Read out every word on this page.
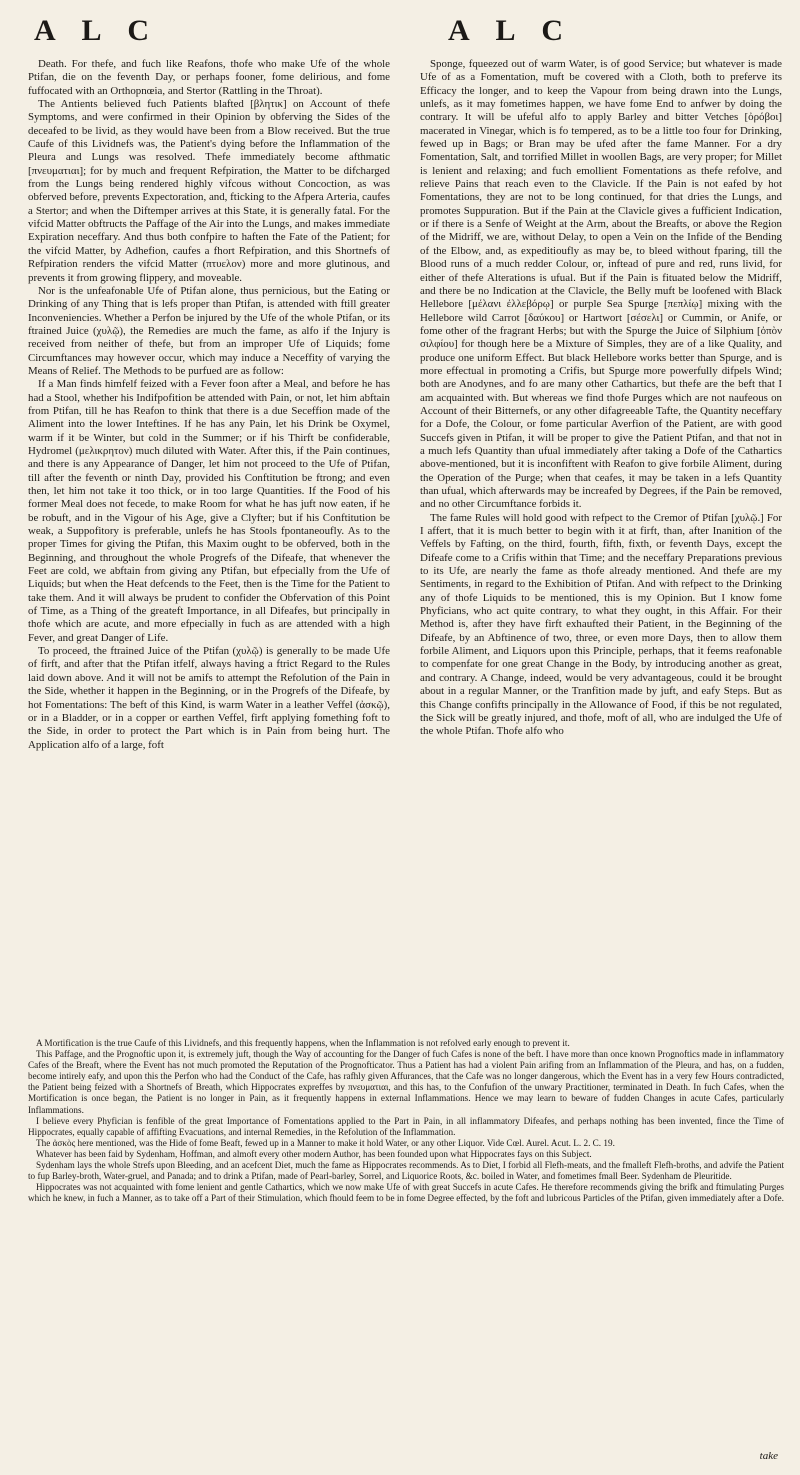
A L C	A L C

Death. For thefe, and fuch like Reafons, thofe who make Ufe of the whole Ptifan, die on the feventh Day, or perhaps fooner, fome delirious, and fome fuffocated with an Orthopnœia, and Stertor (Rattling in the Throat).

The Antients believed fuch Patients blafted [βλητικ] on Account of thefe Symptoms, and were confirmed in their Opinion by obferving the Sides of the deceafed to be livid, as they would have been from a Blow received. But the true Caufe of this Lividnefs was, the Patient's dying before the Inflammation of the Pleura and Lungs was resolved. Thefe immediately become afthmatic [πνευματιαι]; for by much and frequent Refpiration, the Matter to be difcharged from the Lungs being rendered highly vifcous without Concoction, as was obferved before, prevents Expectoration, and, fticking to the Afpera Arteria, caufes a Stertor; and when the Diftemper arrives at this State, it is generally fatal. For the vifcid Matter obftructs the Paffage of the Air into the Lungs, and makes immediate Expiration neceffary. And thus both confpire to haften the Fate of the Patient; for the vifcid Matter, by Adhefion, caufes a fhort Refpiration, and this Shortnefs of Refpiration renders the vifcid Matter (πτυελον) more and more glutinous, and prevents it from growing flippery, and moveable.

Nor is the unfeafonable Ufe of Ptifan alone, thus pernicious, but the Eating or Drinking of any Thing that is lefs proper than Ptifan, is attended with ftill greater Inconveniencies. Whether a Perfon be injured by the Ufe of the whole Ptifan, or its ftrained Juice (χυλῷ), the Remedies are much the fame, as alfo if the Injury is received from neither of thefe, but from an improper Ufe of Liquids; fome Circumftances may however occur, which may induce a Neceffity of varying the Means of Relief. The Methods to be purfued are as follow:

If a Man finds himfelf feized with a Fever foon after a Meal, and before he has had a Stool, whether his Indifpofition be attended with Pain, or not, let him abftain from Ptifan, till he has Reafon to think that there is a due Seceffion made of the Aliment into the lower Inteftines. If he has any Pain, let his Drink be Oxymel, warm if it be Winter, but cold in the Summer; or if his Thirft be confiderable, Hydromel (μελικρητον) much diluted with Water. After this, if the Pain continues, and there is any Appearance of Danger, let him not proceed to the Ufe of Ptifan, till after the feventh or ninth Day, provided his Conftitution be ftrong; and even then, let him not take it too thick, or in too large Quantities. If the Food of his former Meal does not fecede, to make Room for what he has juft now eaten, if he be robuft, and in the Vigour of his Age, give a Clyfter; but if his Conftitution be weak, a Suppofitory is preferable, unlefs he has Stools fpontaneoufly. As to the proper Times for giving the Ptifan, this Maxim ought to be obferved, both in the Beginning, and throughout the whole Progrefs of the Difeafe, that whenever the Feet are cold, we abftain from giving any Ptifan, but efpecially from the Ufe of Liquids; but when the Heat defcends to the Feet, then is the Time for the Patient to take them. And it will always be prudent to confider the Obfervation of this Point of Time, as a Thing of the greateft Importance, in all Difeafes, but principally in thofe which are acute, and more efpecially in fuch as are attended with a high Fever, and great Danger of Life.

To proceed, the ftrained Juice of the Ptifan (χυλῷ) is generally to be made Ufe of firft, and after that the Ptifan itfelf, always having a ftrict Regard to the Rules laid down above. And it will not be amifs to attempt the Refolution of the Pain in the Side, whether it happen in the Beginning, or in the Progrefs of the Difeafe, by hot Fomentations: The beft of this Kind, is warm Water in a leather Veffel (ἀσκῷ), or in a Bladder, or in a copper or earthen Veffel, firft applying fomething foft to the Side, in order to protect the Part which is in Pain from being hurt. The Application alfo of a large, foft

Sponge, fqueezed out of warm Water, is of good Service; but whatever is made Ufe of as a Fomentation, muft be covered with a Cloth, both to preferve its Efficacy the longer, and to keep the Vapour from being drawn into the Lungs, unlefs, as it may fometimes happen, we have fome End to anfwer by doing the contrary. It will be ufeful alfo to apply Barley and bitter Vetches [ὀρόβοι] macerated in Vinegar, which is fo tempered, as to be a little too four for Drinking, fewed up in Bags; or Bran may be ufed after the fame Manner. For a dry Fomentation, Salt, and torrified Millet in woollen Bags, are very proper; for Millet is lenient and relaxing; and fuch emollient Fomentations as thefe refolve, and relieve Pains that reach even to the Clavicle. If the Pain is not eafed by hot Fomentations, they are not to be long continued, for that dries the Lungs, and promotes Suppuration. But if the Pain at the Clavicle gives a fufficient Indication, or if there is a Senfe of Weight at the Arm, about the Breafts, or above the Region of the Midriff, we are, without Delay, to open a Vein on the Infide of the Bending of the Elbow, and, as expeditioufly as may be, to bleed without fparing, till the Blood runs of a much redder Colour, or, inftead of pure and red, runs livid, for either of thefe Alterations is ufual. But if the Pain is fituated below the Midriff, and there be no Indication at the Clavicle, the Belly muft be loofened with Black Hellebore [μέλανι ἐλλεβόρῳ] or purple Sea Spurge [πεπλίῳ] mixing with the Hellebore wild Carrot [δαύκου] or Hartwort [σέσελι] or Cummin, or Anife, or fome other of the fragrant Herbs; but with the Spurge the Juice of Silphium [ὀπὸν σιλφίου] for though here be a Mixture of Simples, they are of a like Quality, and produce one uniform Effect. But black Hellebore works better than Spurge, and is more effectual in promoting a Crifis, but Spurge more powerfully difpels Wind; both are Anodynes, and fo are many other Cathartics, but thefe are the beft that I am acquainted with. But whereas we find thofe Purges which are not naufeous on Account of their Bitternefs, or any other difagreeable Tafte, the Quantity neceffary for a Dofe, the Colour, or fome particular Averfion of the Patient, are with good Succefs given in Ptifan, it will be proper to give the Patient Ptifan, and that not in a much lefs Quantity than ufual immediately after taking a Dofe of the Cathartics above-mentioned, but it is inconfiftent with Reafon to give forbile Aliment, during the Operation of the Purge; when that ceafes, it may be taken in a lefs Quantity than ufual, which afterwards may be increafed by Degrees, if the Pain be removed, and no other Circumftance forbids it.

The fame Rules will hold good with refpect to the Cremor of Ptifan [χυλῷ.] For I affert, that it is much better to begin with it at firft, than, after Inanition of the Veffels by Fafting, on the third, fourth, fifth, fixth, or feventh Days, except the Difeafe come to a Crifis within that Time; and the neceffary Preparations previous to its Ufe, are nearly the fame as thofe already mentioned. And thefe are my Sentiments, in regard to the Exhibition of Ptifan. And with refpect to the Drinking any of thofe Liquids to be mentioned, this is my Opinion. But I know fome Phyficians, who act quite contrary, to what they ought, in this Affair. For their Method is, after they have firft exhaufted their Patient, in the Beginning of the Difeafe, by an Abftinence of two, three, or even more Days, then to allow them forbile Aliment, and Liquors upon this Principle, perhaps, that it feems reafonable to compenfate for one great Change in the Body, by introducing another as great, and contrary. A Change, indeed, would be very advantageous, could it be brought about in a regular Manner, or the Tranfition made by juft, and eafy Steps. But as this Change confifts principally in the Allowance of Food, if this be not regulated, the Sick will be greatly injured, and thofe, moft of all, who are indulged the Ufe of the whole Ptifan. Thofe alfo who

A Mortification is the true Caufe of this Lividnefs, and this frequently happens, when the Inflammation is not refolved early enough to prevent it.

This Paffage, and the Prognoftic upon it, is extremely juft, though the Way of accounting for the Danger of fuch Cafes is none of the beft. I have more than once known Prognoftics made in inflammatory Cafes of the Breaft, where the Event has not much promoted the Reputation of the Prognofticator. Thus a Patient has had a violent Pain arifing from an Inflammation of the Pleura, and has, on a fudden, become intirely eafy, and upon this the Perfon who had the Conduct of the Cafe, has rafhly given Affurances, that the Cafe was no longer dangerous, which the Event has in a very few Hours contradicted, the Patient being feized with a Shortnefs of Breath, which Hippocrates expreffes by πνευματιαι, and this has, to the Confufion of the unwary Practitioner, terminated in Death. In fuch Cafes, when the Mortification is once began, the Patient is no longer in Pain, as it frequently happens in external Inflammations. Hence we may learn to beware of fudden Changes in acute Cafes, particularly Inflammations.

I believe every Phyfician is fenfible of the great Importance of Fomentations applied to the Part in Pain, in all inflammatory Difeafes, and perhaps nothing has been invented, fince the Time of Hippocrates, equally capable of affifting Evacuations, and internal Remedies, in the Refolution of the Inflammation.

The ἀσκὸς here mentioned, was the Hide of fome Beaft, fewed up in a Manner to make it hold Water, or any other Liquor. Vide Cœl. Aurel. Acut. L. 2. C. 19.

Whatever has been faid by Sydenham, Hoffman, and almoft every other modern Author, has been founded upon what Hippocrates fays on this Subject.

Sydenham lays the whole Strefs upon Bleeding, and an acefcent Diet, much the fame as Hippocrates recommends. As to Diet, I forbid all Flefh-meats, and the fmalleft Flefh-broths, and advife the Patient to fup Barley-broth, Water-gruel, and Panada; and to drink a Ptifan, made of Pearl-barley, Sorrel, and Liquorice Roots, &c. boiled in Water, and fometimes fmall Beer. Sydenham de Pleuritide.

Hippocrates was not acquainted with fome lenient and gentle Cathartics, which we now make Ufe of with great Succefs in acute Cafes. He therefore recommends giving the brifk and ftimulating Purges which he knew, in fuch a Manner, as to take off a Part of their Stimulation, which fhould feem to be in fome Degree effected, by the foft and lubricous Particles of the Ptifan, given immediately after a Dofe.

take
